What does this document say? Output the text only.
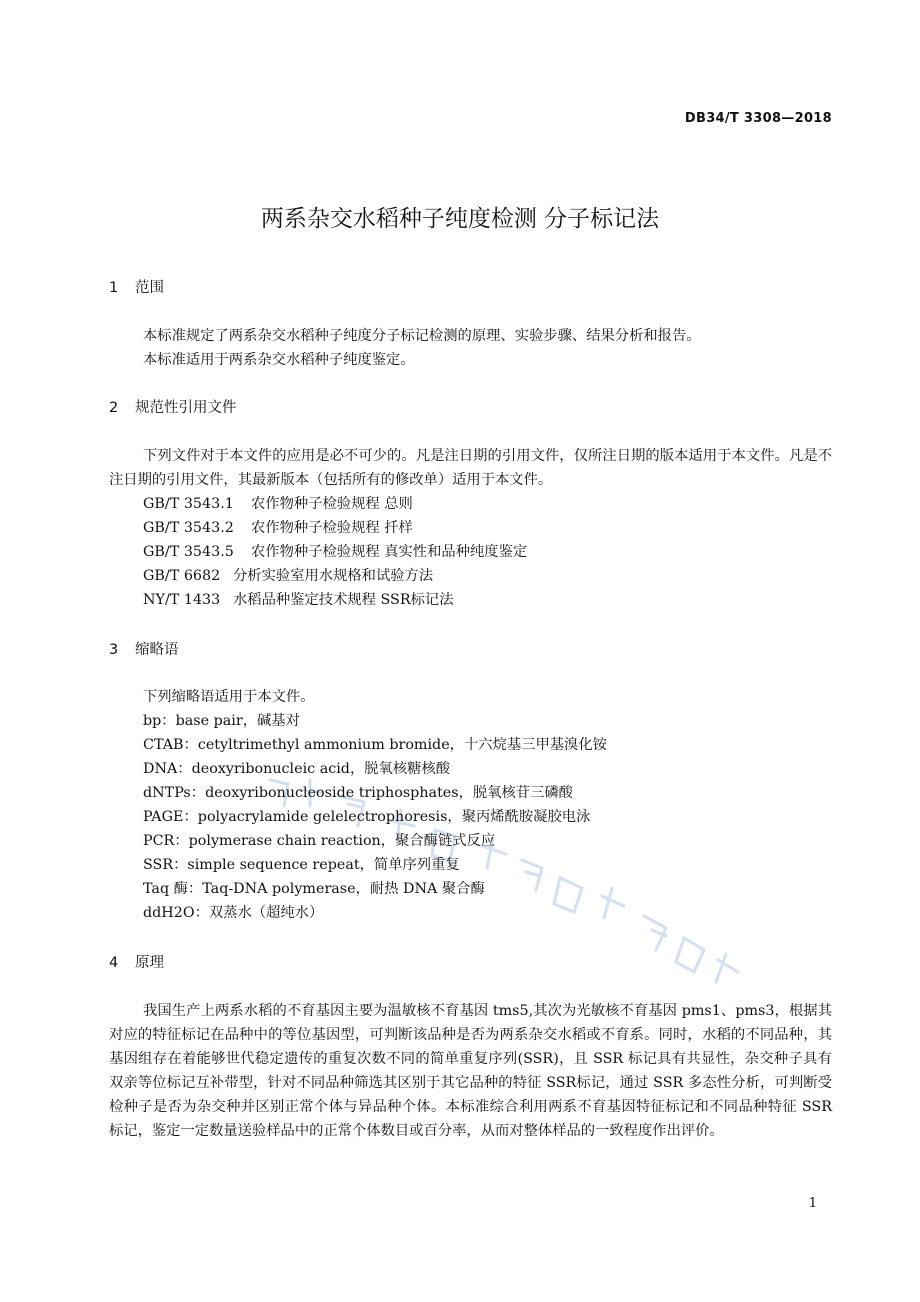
DB34/T 3308—2018
两系杂交水稻种子纯度检测 分子标记法
1 范围
本标准规定了两系杂交水稻种子纯度分子标记检测的原理、实验步骤、结果分析和报告。
本标准适用于两系杂交水稻种子纯度鉴定。
2 规范性引用文件

下列文件对于本文件的应用是必不可少的。凡是注日期的引用文件，仅所注日期的版本适用于本文件。凡是不注日期的引用文件，其最新版本（包括所有的修改单）适用于本文件。

GB/T 3543.1 农作物种子检验规程 总则
GB/T 3543.2 农作物种子检验规程 扦样
GB/T 3543.5 农作物种子检验规程 真实性和品种纯度鉴定
GB/T 6682 分析实验室用水规格和试验方法
NY/T 1433 水稻品种鉴定技术规程 SSR标记法
3 缩略语
下列缩略语适用于本文件。
bp：base pair，碱基对
CTAB：cetyltrimethyl ammonium bromide，十六烷基三甲基溴化铵
DNA：deoxyribonucleic acid，脱氧核糖核酸
dNTPs：deoxyribonucleoside triphosphates，脱氧核苷三磷酸
PAGE：polyacrylamide gelelectrophoresis，聚丙烯酰胺凝胶电泳
PCR：polymerase chain reaction，聚合酶链式反应
SSR：simple sequence repeat，简单序列重复
Taq 酶：Taq-DNA polymerase，耐热 DNA 聚合酶
ddH2O：双蒸水（超纯水）
4 原理

我国生产上两系水稻的不育基因主要为温敏核不育基因 tms5,其次为光敏核不育基因 pms1、pms3，根据其对应的特征标记在品种中的等位基因型，可判断该品种是否为两系杂交水稻或不育系。同时，水稻的不同品种，其基因组存在着能够世代稳定遗传的重复次数不同的简单重复序列(SSR)，且 SSR 标记具有共显性，杂交种子具有双亲等位标记互补带型，针对不同品种筛选其区别于其它品种的特征 SSR标记，通过 SSR 多态性分析，可判断受检种子是否为杂交种并区别正常个体与异品种个体。本标准综合利用两系不育基因特征标记和不同品种特征 SSR 标记，鉴定一定数量送验样品中的正常个体数目或百分率，从而对整体样品的一致程度作出评价。

1
